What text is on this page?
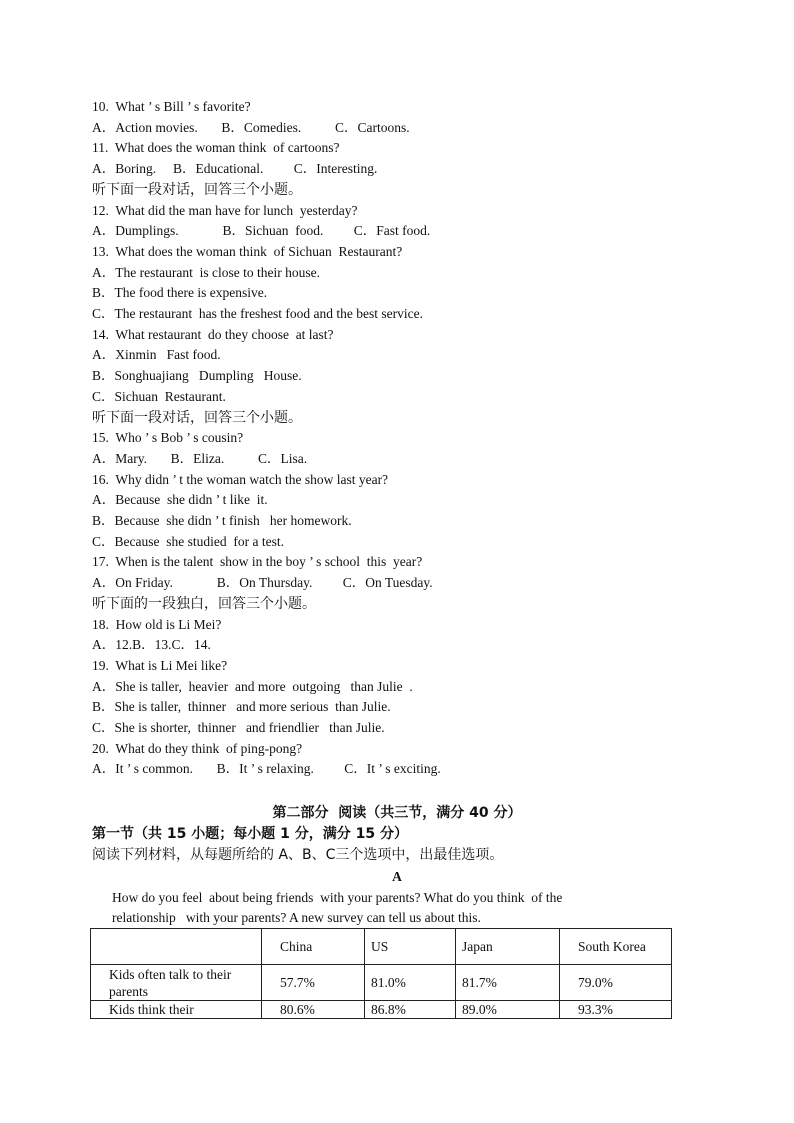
10.  What ’ s Bill ’ s favorite?
A．Action movies.       B．Comedies.          C．Cartoons.
11.  What does the woman think  of cartoons?
A．Boring.     B．Educational.         C．Interesting.
听下面一段对话，回答三个小题。
12.  What did the man have for lunch  yesterday?
A．Dumplings.             B．Sichuan  food.         C．Fast food.
13.  What does the woman think  of Sichuan  Restaurant?
A．The restaurant  is close to their house.
B．The food there is expensive.
C．The restaurant  has the freshest food and the best service.
14.  What restaurant  do they choose  at last?
A．Xinmin   Fast food.
B．Songhuajiang   Dumpling   House.
C．Sichuan  Restaurant.
听下面一段对话，回答三个小题。
15.  Who ’ s Bob ’ s cousin?
A．Mary.       B．Eliza.          C．Lisa.
16.  Why didn ’ t the woman watch the show last year?
A．Because  she didn ’ t like  it.
B．Because  she didn ’ t finish   her homework.
C．Because  she studied  for a test.
17.  When is the talent  show in the boy ’ s school  this  year?
A．On Friday.             B．On Thursday.         C．On Tuesday.
听下面的一段独白，回答三个小题。
18.  How old is Li Mei?
A．12.B．13.C．14.
19.  What is Li Mei like?
A．She is taller,  heavier  and more  outgoing   than Julie  .
B．She is taller,  thinner   and more serious  than Julie.
C．She is shorter,  thinner   and friendlier   than Julie.
20.  What do they think  of ping-pong?
A．It ’ s common.       B．It ’ s relaxing.         C．It ’ s exciting.
第二部分  阅读（共三节，满分 40 分）
第一节（共 15 小题；每小题 1 分，满分 15 分）
阅读下列材料，从每题所给的 A、B、C三个选项中，出最佳选项。
A
How do you feel  about being friends  with your parents? What do you think  of the
relationship   with your parents? A new survey can tell us about this.
	China	US	Japan	South Korea
Kids often talk to their parents	57.7%	81.0%	81.7%	79.0%
Kids think their	80.6%	86.8%	89.0%	93.3%
